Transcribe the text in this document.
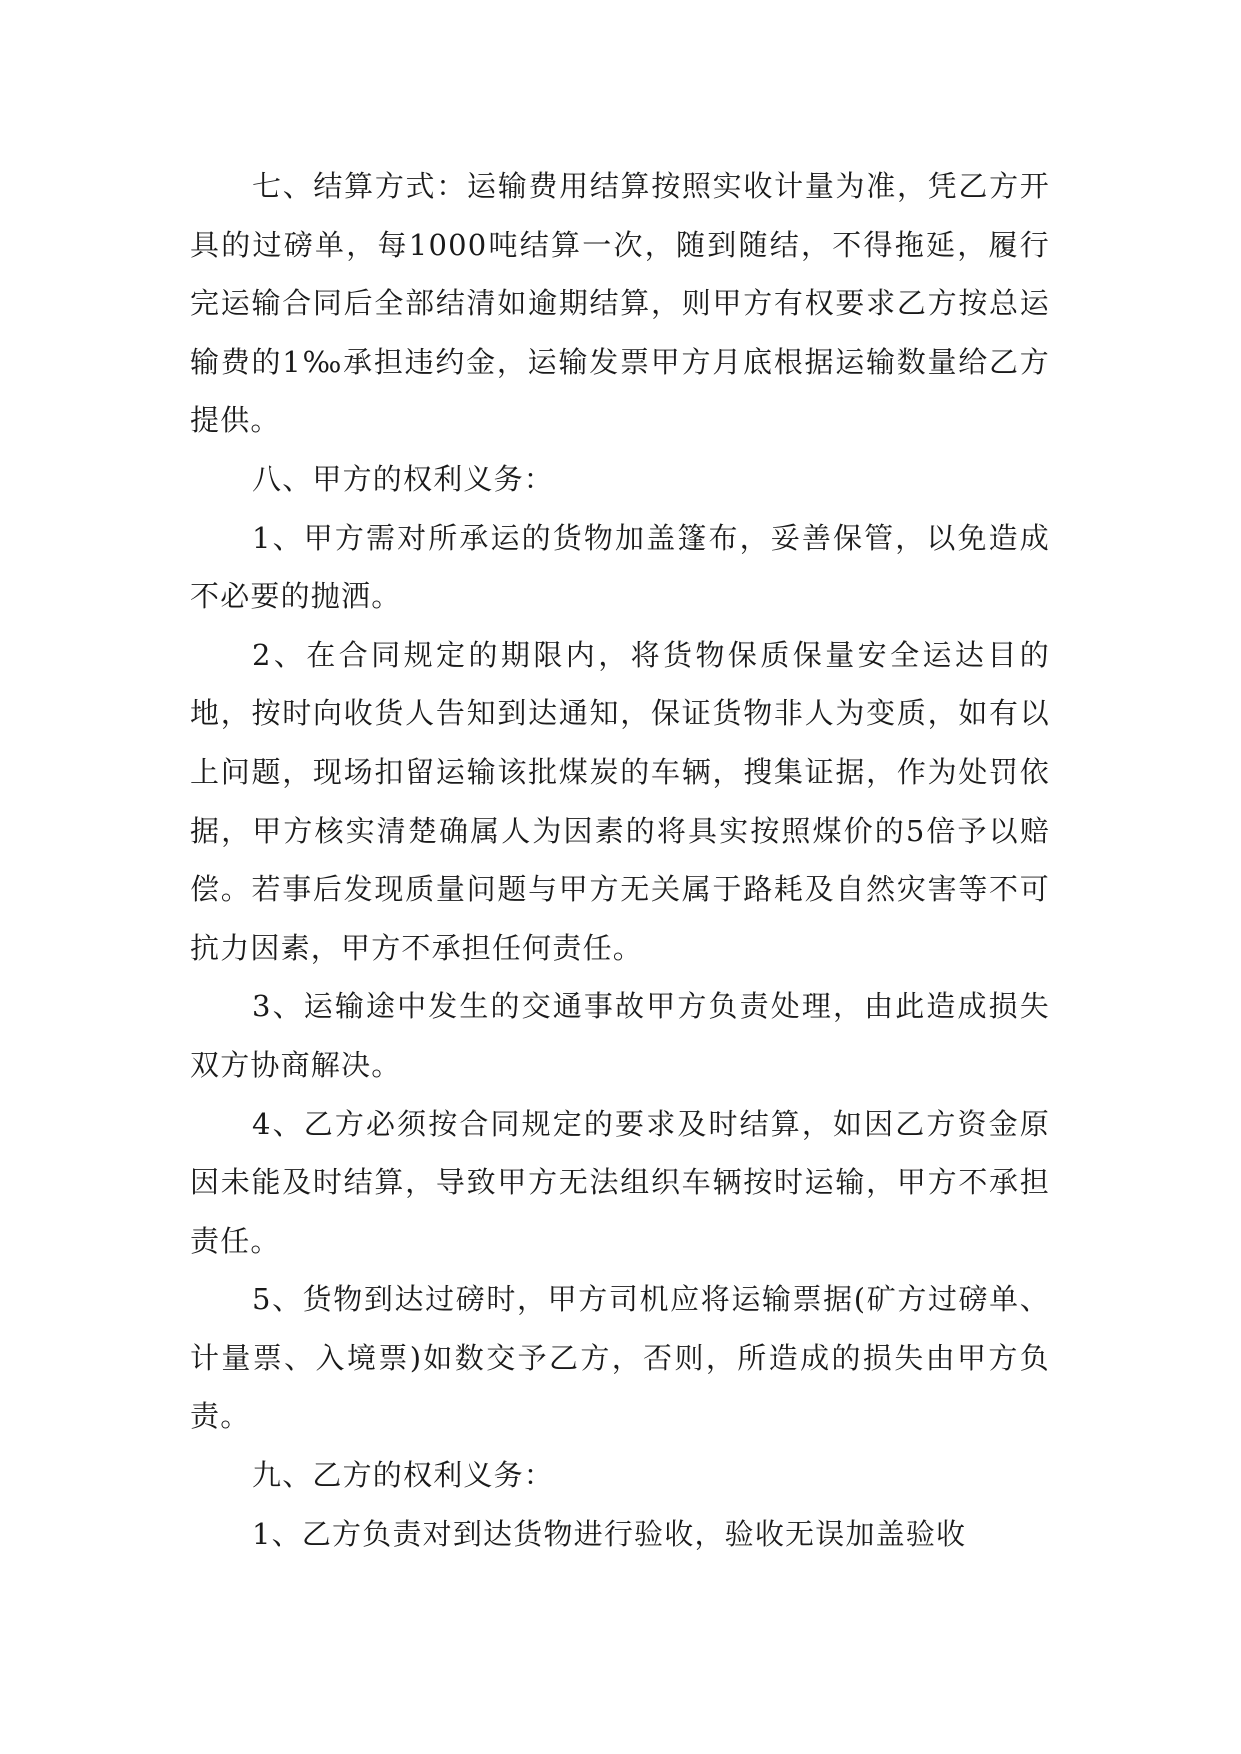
七、结算方式：运输费用结算按照实收计量为准，凭乙方开具的过磅单，每1000吨结算一次，随到随结，不得拖延，履行完运输合同后全部结清如逾期结算，则甲方有权要求乙方按总运输费的1‰承担违约金，运输发票甲方月底根据运输数量给乙方提供。

八、甲方的权利义务：

1、甲方需对所承运的货物加盖篷布，妥善保管，以免造成不必要的抛洒。

2、在合同规定的期限内，将货物保质保量安全运达目的地，按时向收货人告知到达通知，保证货物非人为变质，如有以上问题，现场扣留运输该批煤炭的车辆，搜集证据，作为处罚依据，甲方核实清楚确属人为因素的将具实按照煤价的5倍予以赔偿。若事后发现质量问题与甲方无关属于路耗及自然灾害等不可抗力因素，甲方不承担任何责任。

3、运输途中发生的交通事故甲方负责处理，由此造成损失双方协商解决。

4、乙方必须按合同规定的要求及时结算，如因乙方资金原因未能及时结算，导致甲方无法组织车辆按时运输，甲方不承担责任。

5、货物到达过磅时，甲方司机应将运输票据(矿方过磅单、计量票、入境票)如数交予乙方，否则，所造成的损失由甲方负责。

九、乙方的权利义务：

1、乙方负责对到达货物进行验收，验收无误加盖验收
